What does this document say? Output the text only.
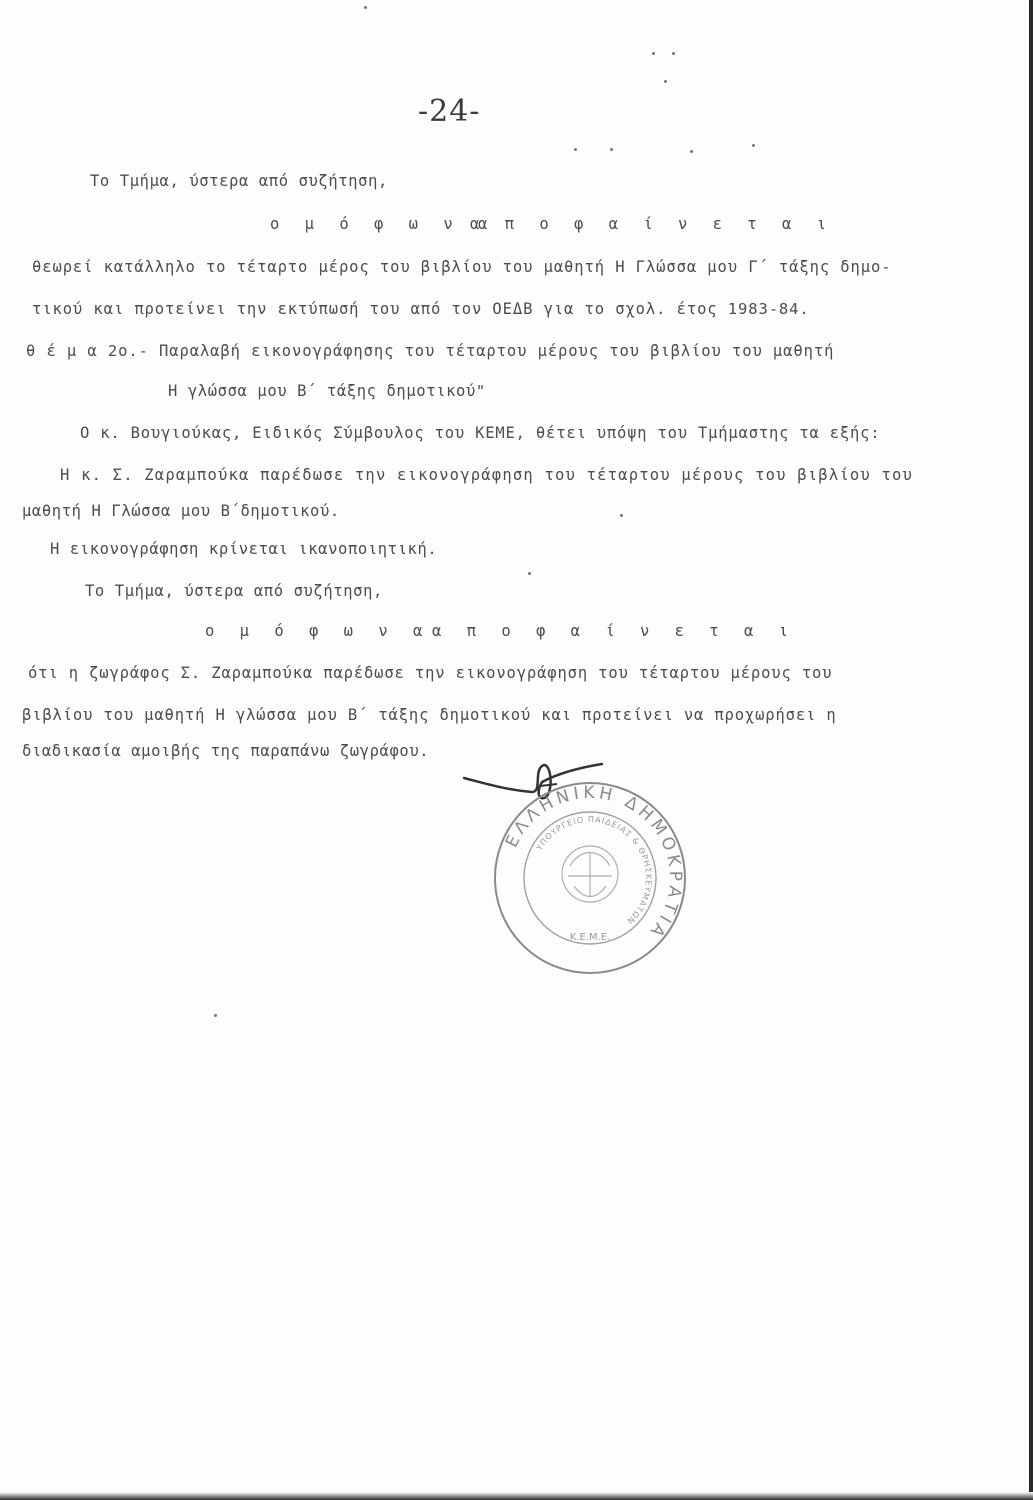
-24-
Το Τμήμα, ύστερα από συζήτηση,
ο μ ό φ ω ν α
α π ο φ α ί ν ε τ α ι
θεωρεί κατάλληλο το τέταρτο μέρος του βιβλίου του μαθητή Η Γλώσσα μου Γ΄ τάξης δημο-
τικού και προτείνει την εκτύπωσή του από τον ΟΕΔΒ για το σχολ. έτος 1983-84.
θ έ μ α 2ο.- Παραλαβή εικονογράφησης του τέταρτου μέρους του βιβλίου του μαθητή
Η γλώσσα μου Β΄ τάξης δημοτικού"
Ο κ. Βουγιούκας, Ειδικός Σύμβουλος του ΚΕΜΕ, θέτει υπόψη του Τμήμαστης τα εξής:
Η κ. Σ. Ζαραμπούκα παρέδωσε την εικονογράφηση του τέταρτου μέρους του βιβλίου του
μαθητή Η Γλώσσα μου Β΄δημοτικού.
Η εικονογράφηση κρίνεται ικανοποιητική.
Το Τμήμα, ύστερα από συζήτηση,
ο μ ό φ ω ν α α π ο φ α ί ν ε τ α ι
ότι η ζωγράφος Σ. Ζαραμπούκα παρέδωσε την εικονογράφηση του τέταρτου μέρους του
βιβλίου του μαθητή Η γλώσσα μου Β΄ τάξης δημοτικού και προτείνει να προχωρήσει η
διαδικασία αμοιβής της παραπάνω ζωγράφου.
ΕΛΛΗΝΙΚΗ ΔΗΜΟΚΡΑΤΙΑ
ΥΠΟΥΡΓΕΙΟ ΠΑΙΔΕΙΑΣ & ΘΡΗΣΚΕΥΜΑΤΩΝ
Κ.Ε.Μ.Ε.
